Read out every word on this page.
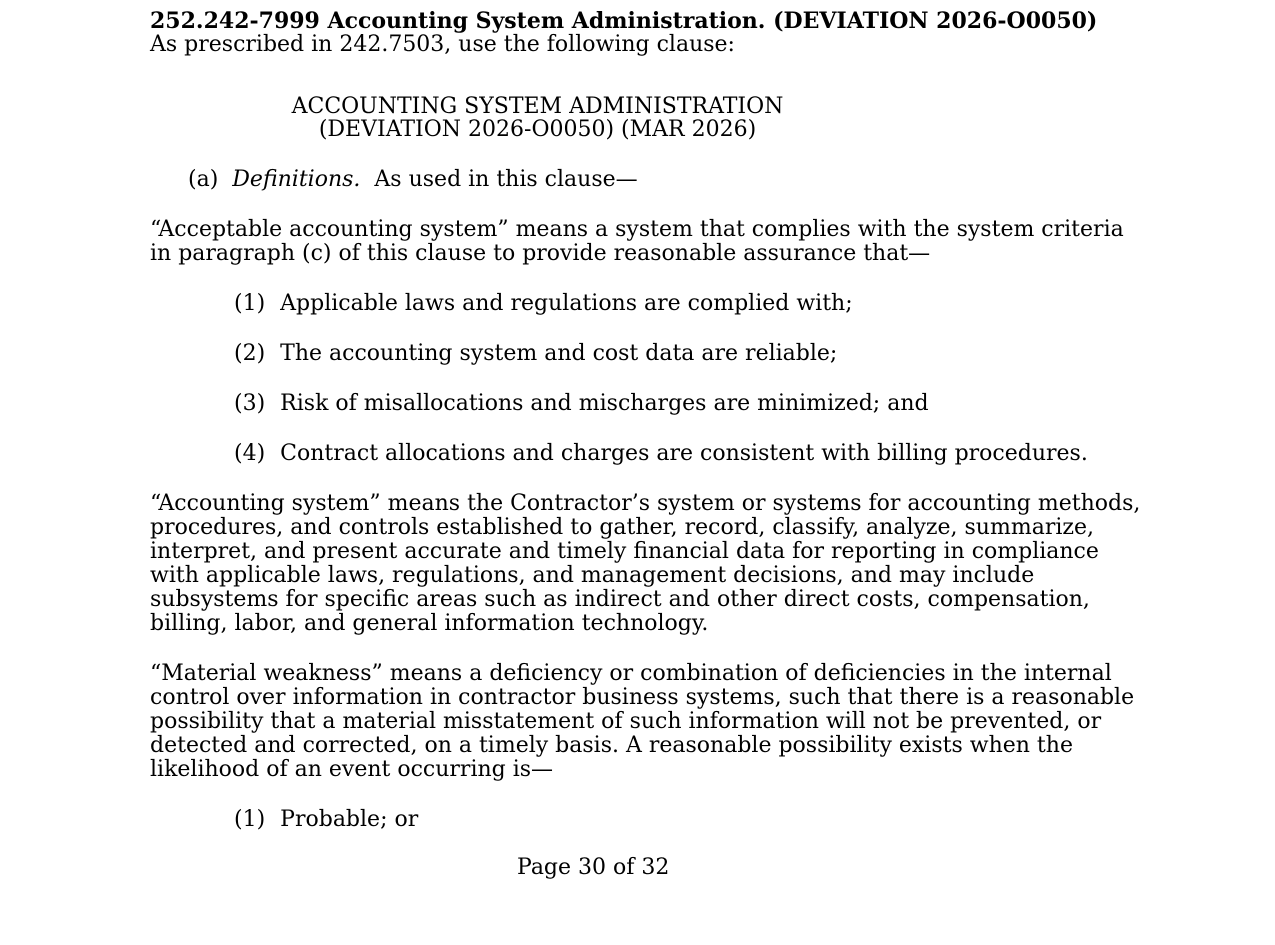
252.242-7999 Accounting System Administration. (DEVIATION 2026-O0050)

As prescribed in 242.7503, use the following clause:

ACCOUNTING SYSTEM ADMINISTRATION
(DEVIATION 2026-O0050) (MAR 2026)

(a) Definitions. As used in this clause—

“Acceptable accounting system” means a system that complies with the system criteria
in paragraph (c) of this clause to provide reasonable assurance that—
(1) Applicable laws and regulations are complied with;
(2) The accounting system and cost data are reliable;
(3) Risk of misallocations and mischarges are minimized; and
(4) Contract allocations and charges are consistent with billing procedures.
“Accounting system” means the Contractor’s system or systems for accounting methods,
procedures, and controls established to gather, record, classify, analyze, summarize,
interpret, and present accurate and timely financial data for reporting in compliance
with applicable laws, regulations, and management decisions, and may include
subsystems for specific areas such as indirect and other direct costs, compensation,
billing, labor, and general information technology.
“Material weakness” means a deficiency or combination of deficiencies in the internal
control over information in contractor business systems, such that there is a reasonable
possibility that a material misstatement of such information will not be prevented, or
detected and corrected, on a timely basis. A reasonable possibility exists when the
likelihood of an event occurring is—
(1) Probable; or
Page 30 of 32
